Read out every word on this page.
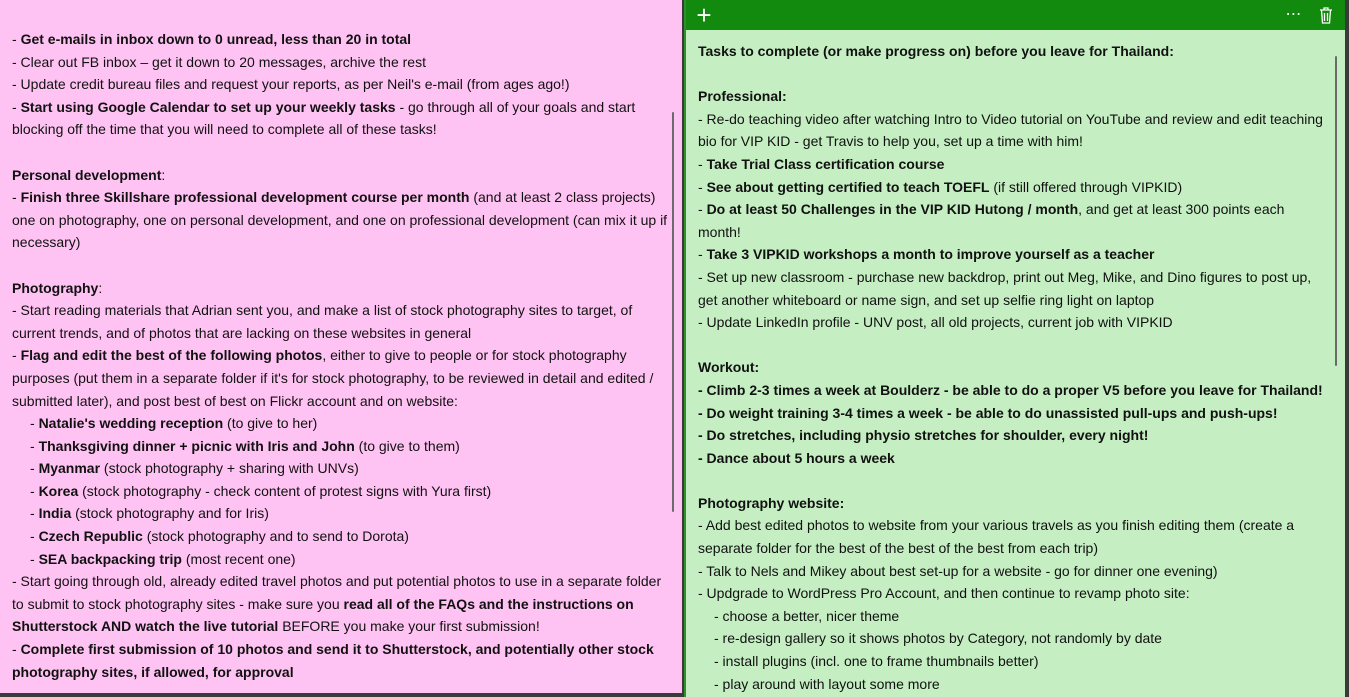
- Get e-mails in inbox down to 0 unread, less than 20 in total

- Clear out FB inbox – get it down to 20 messages, archive the rest

- Update credit bureau files and request your reports, as per Neil's e-mail (from ages ago!)

- Start using Google Calendar to set up your weekly tasks - go through all of your goals and start blocking off the time that you will need to complete all of these tasks!

Personal development:

- Finish three Skillshare professional development course per month (and at least 2 class projects) one on photography, one on personal development, and one on professional development (can mix it up if necessary)

Photography:

- Start reading materials that Adrian sent you, and make a list of stock photography sites to target, of current trends, and of photos that are lacking on these websites in general

- Flag and edit the best of the following photos, either to give to people or for stock photography purposes (put them in a separate folder if it's for stock photography, to be reviewed in detail and edited / submitted later), and post best of best on Flickr account and on website:

- Natalie's wedding reception (to give to her)

- Thanksgiving dinner + picnic with Iris and John (to give to them)

- Myanmar (stock photography + sharing with UNVs)

- Korea (stock photography - check content of protest signs with Yura first)

- India (stock photography and for Iris)

- Czech Republic (stock photography and to send to Dorota)

- SEA backpacking trip (most recent one)

- Start going through old, already edited travel photos and put potential photos to use in a separate folder to submit to stock photography sites - make sure you read all of the FAQs and the instructions on Shutterstock AND watch the live tutorial BEFORE you make your first submission!

- Complete first submission of 10 photos and send it to Shutterstock, and potentially other stock photography sites, if allowed, for approval

+	⋯

Tasks to complete (or make progress on) before you leave for Thailand:

Professional:

- Re-do teaching video after watching Intro to Video tutorial on YouTube and review and edit teaching bio for VIP KID - get Travis to help you, set up a time with him!

- Take Trial Class certification course

- See about getting certified to teach TOEFL (if still offered through VIPKID)

- Do at least 50 Challenges in the VIP KID Hutong / month, and get at least 300 points each month!

- Take 3 VIPKID workshops a month to improve yourself as a teacher

- Set up new classroom - purchase new backdrop, print out Meg, Mike, and Dino figures to post up, get another whiteboard or name sign, and set up selfie ring light on laptop

- Update LinkedIn profile - UNV post, all old projects, current job with VIPKID

Workout:

- Climb 2-3 times a week at Boulderz - be able to do a proper V5 before you leave for Thailand!

- Do weight training 3-4 times a week - be able to do unassisted pull-ups and push-ups!

- Do stretches, including physio stretches for shoulder, every night!

- Dance about 5 hours a week

Photography website:

- Add best edited photos to website from your various travels as you finish editing them (create a separate folder for the best of the best of the best from each trip)

- Talk to Nels and Mikey about best set-up for a website - go for dinner one evening)

- Updgrade to WordPress Pro Account, and then continue to revamp photo site:

- choose a better, nicer theme

- re-design gallery so it shows photos by Category, not randomly by date

- install plugins (incl. one to frame thumbnails better)

- play around with layout some more
